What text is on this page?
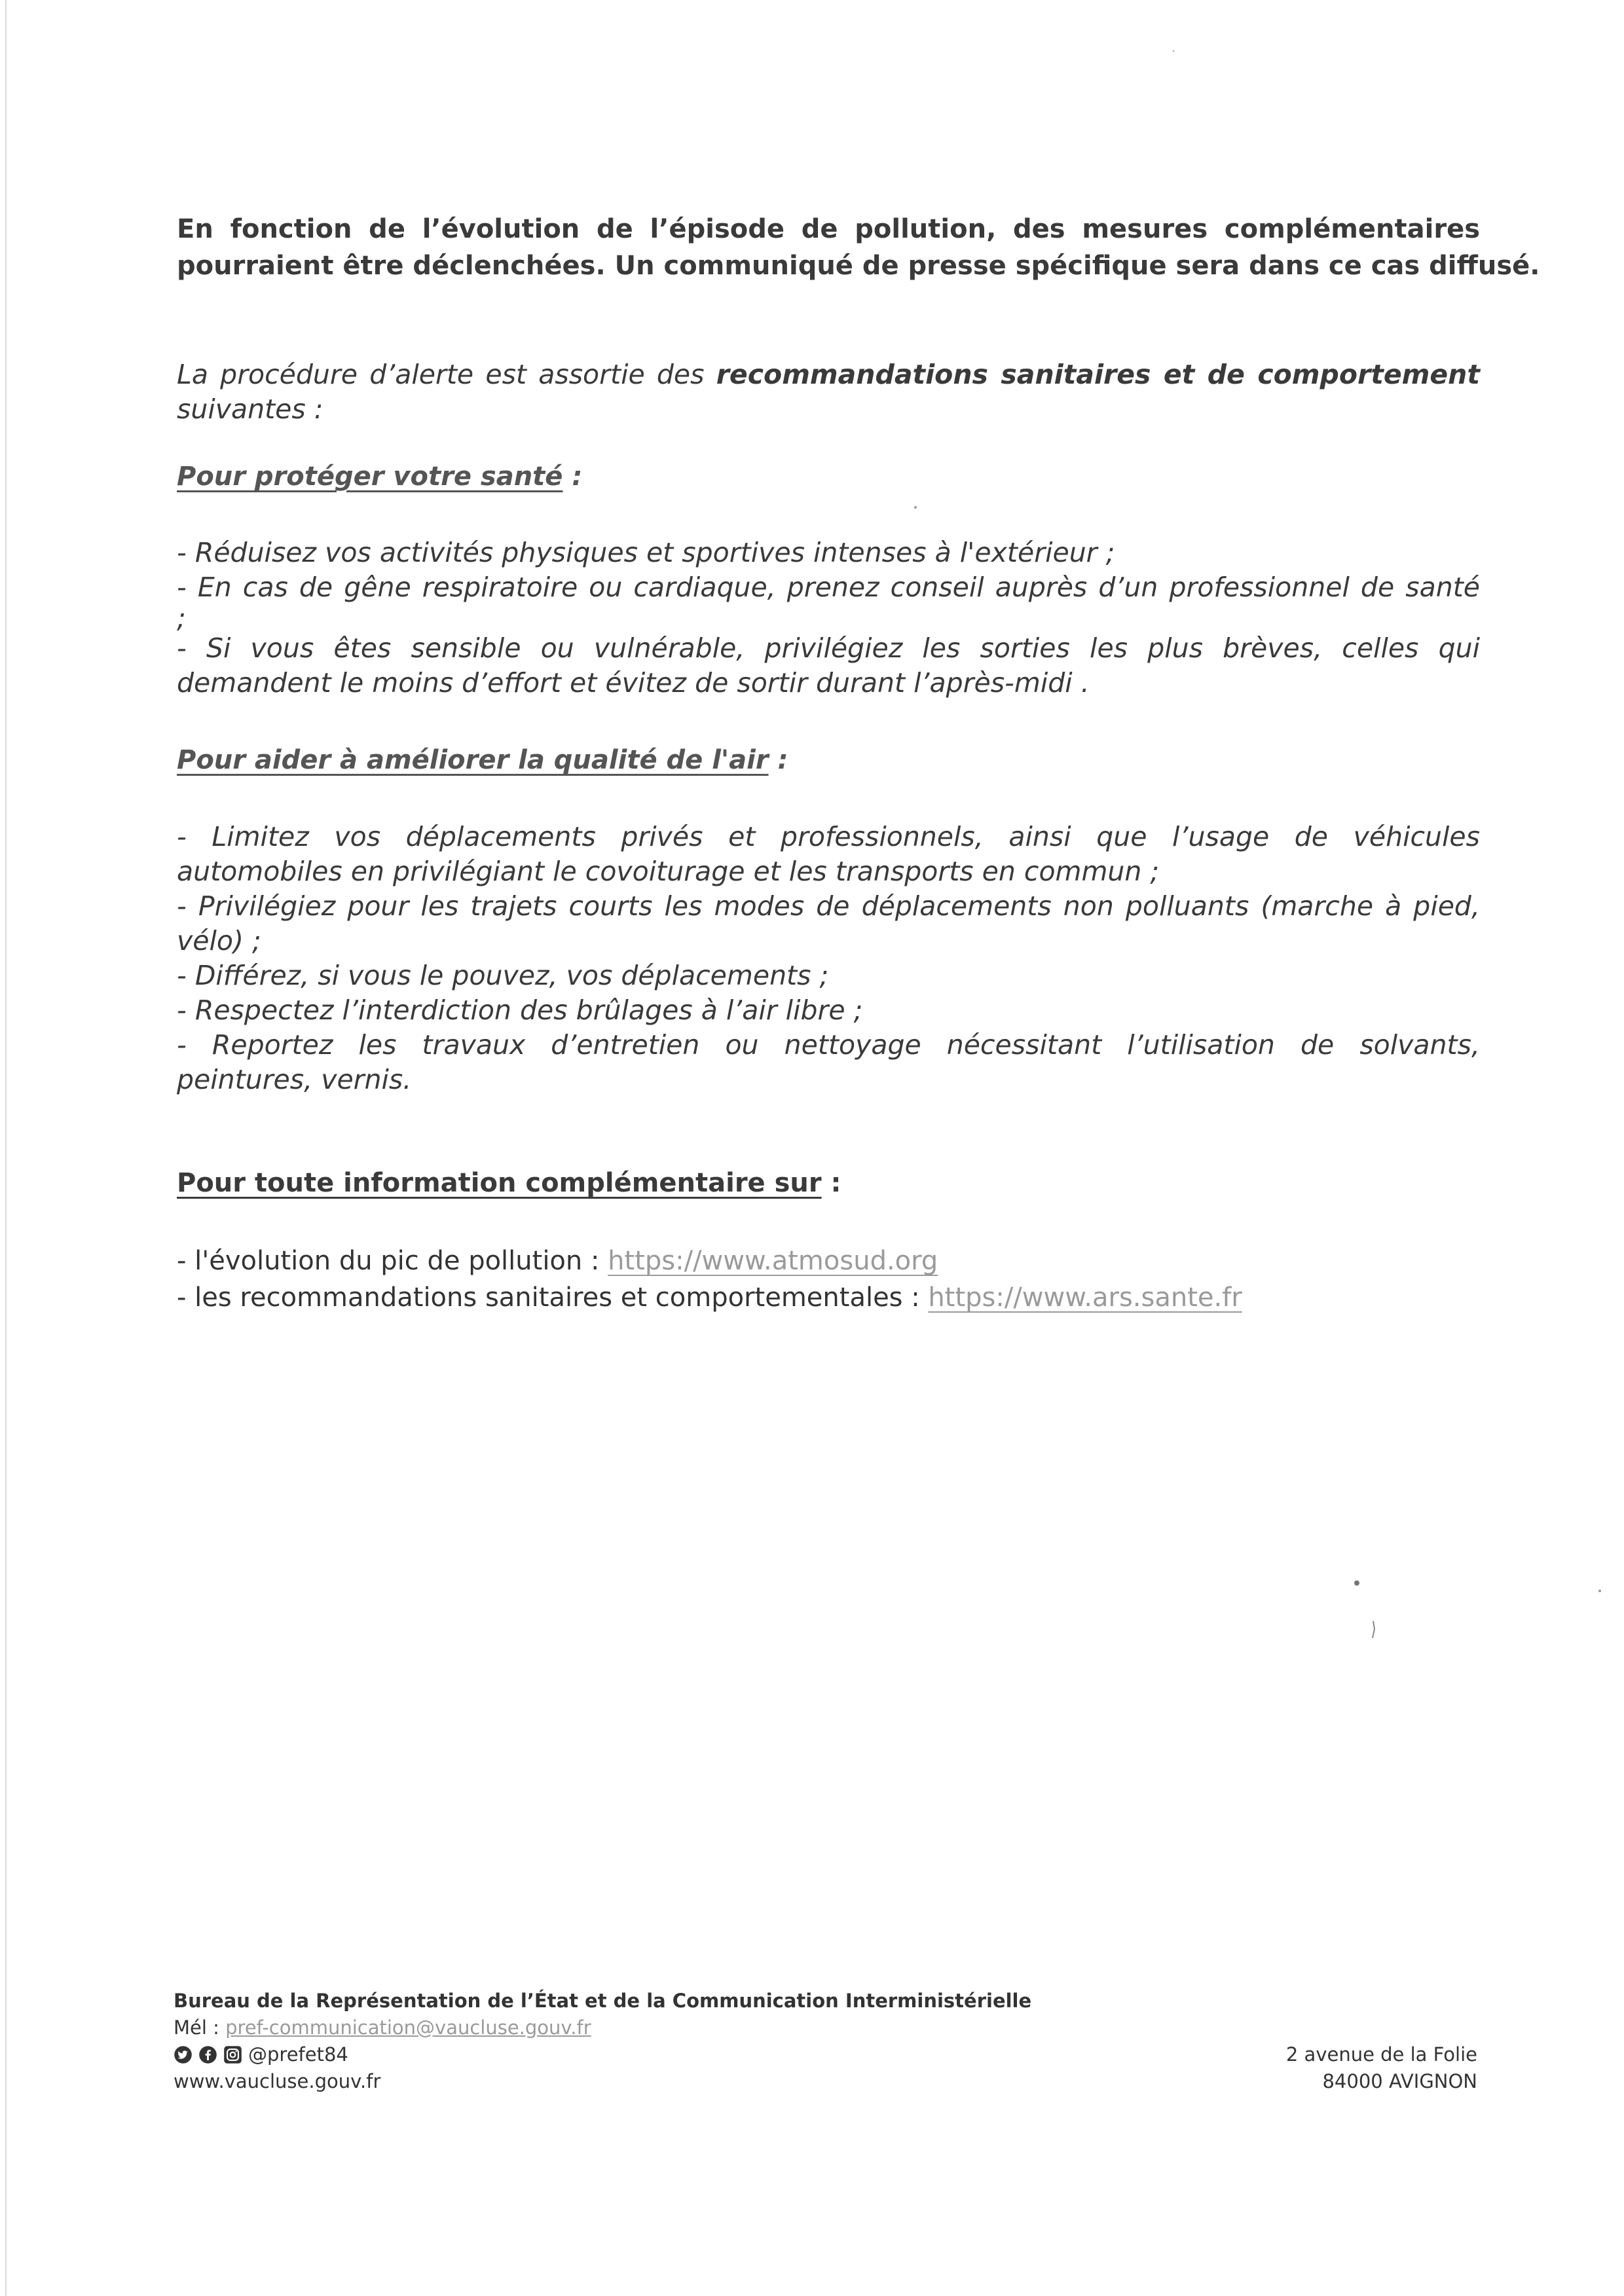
En fonction de l’évolution de l’épisode de pollution, des mesures complémentaires
pourraient être déclenchées. Un communiqué de presse spécifique sera dans ce cas diffusé.
La procédure d’alerte est assortie des recommandations sanitaires et de comportement
suivantes :
Pour protéger votre santé :
- Réduisez vos activités physiques et sportives intenses à l'extérieur ;
- En cas de gêne respiratoire ou cardiaque, prenez conseil auprès d’un professionnel de santé
;
- Si vous êtes sensible ou vulnérable, privilégiez les sorties les plus brèves, celles qui
demandent le moins d’effort et évitez de sortir durant l’après-midi .
Pour aider à améliorer la qualité de l'air :
- Limitez vos déplacements privés et professionnels, ainsi que l’usage de véhicules
automobiles en privilégiant le covoiturage et les transports en commun ;
- Privilégiez pour les trajets courts les modes de déplacements non polluants (marche à pied,
vélo) ;
- Différez, si vous le pouvez, vos déplacements ;
- Respectez l’interdiction des brûlages à l’air libre ;
- Reportez les travaux d’entretien ou nettoyage nécessitant l’utilisation de solvants,
peintures, vernis.
Pour toute information complémentaire sur :
- l'évolution du pic de pollution : https://www.atmosud.org
- les recommandations sanitaires et comportementales : https://www.ars.sante.fr
Bureau de la Représentation de l’État et de la Communication Interministérielle
Mél : pref-communication@vaucluse.gouv.fr
@prefet84
www.vaucluse.gouv.fr
2 avenue de la Folie
84000 AVIGNON
